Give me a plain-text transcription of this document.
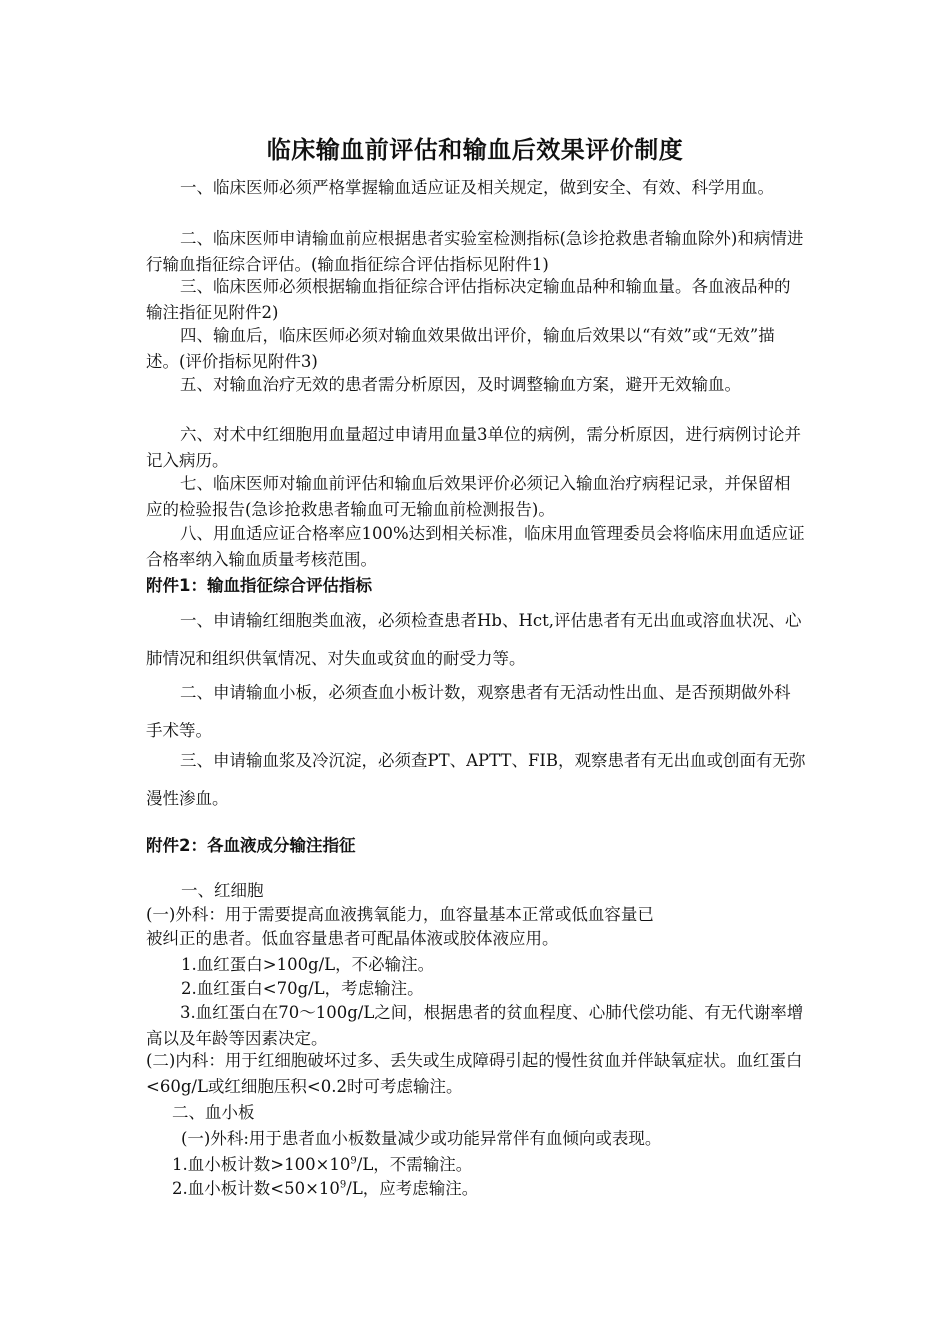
临床输血前评估和输血后效果评价制度
一、临床医师必须严格掌握输血适应证及相关规定，做到安全、有效、科学用血。
二、临床医师申请输血前应根据患者实验室检测指标(急诊抢救患者输血除外)和病情进行输血指征综合评估。(输血指征综合评估指标见附件1)
三、临床医师必须根据输血指征综合评估指标决定输血品种和输血量。各血液品种的输注指征见附件2)
四、输血后，临床医师必须对输血效果做出评价，输血后效果以“有效”或“无效”描述。(评价指标见附件3)
五、对输血治疗无效的患者需分析原因，及时调整输血方案，避开无效输血。
六、对术中红细胞用血量超过申请用血量3单位的病例，需分析原因，进行病例讨论并记入病历。
七、临床医师对输血前评估和输血后效果评价必须记入输血治疗病程记录，并保留相应的检验报告(急诊抢救患者输血可无输血前检测报告)。
八、用血适应证合格率应100%达到相关标准，临床用血管理委员会将临床用血适应证合格率纳入输血质量考核范围。
附件1：输血指征综合评估指标
一、申请输红细胞类血液，必须检查患者Hb、Hct,评估患者有无出血或溶血状况、心肺情况和组织供氧情况、对失血或贫血的耐受力等。
二、申请输血小板，必须查血小板计数，观察患者有无活动性出血、是否预期做外科手术等。
三、申请输血浆及冷沉淀，必须查PT、APTT、FIB，观察患者有无出血或创面有无弥漫性渗血。
附件2：各血液成分输注指征
一、红细胞
(一)外科：用于需要提高血液携氧能力，血容量基本正常或低血容量已
被纠正的患者。低血容量患者可配晶体液或胶体液应用。
1.血红蛋白>100g/L，不必输注。
2.血红蛋白<70g/L，考虑输注。
3.血红蛋白在70～100g/L之间，根据患者的贫血程度、心肺代偿功能、有无代谢率增高以及年龄等因素决定。
(二)内科：用于红细胞破坏过多、丢失或生成障碍引起的慢性贫血并伴缺氧症状。血红蛋白<60g/L或红细胞压积<0.2时可考虑输注。
二、血小板
(一)外科:用于患者血小板数量减少或功能异常伴有血倾向或表现。
1.血小板计数$>100\times 10^9/L$，不需输注。
2.血小板计数$<50\times 10^9/L$，应考虑输注。
